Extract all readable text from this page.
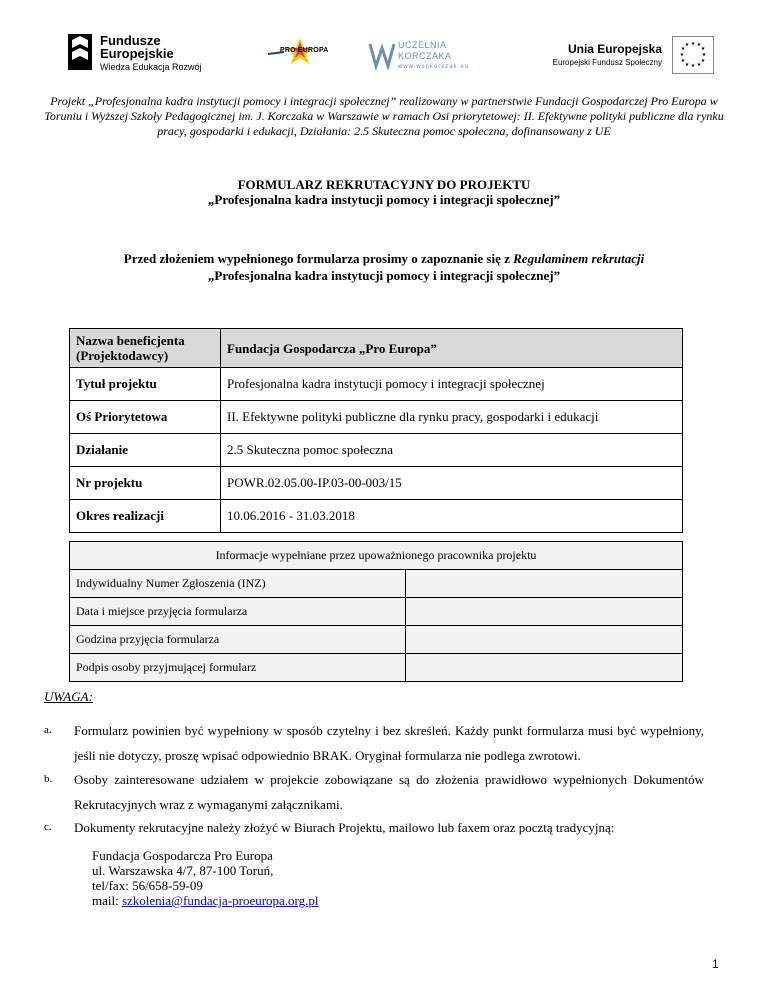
Fundusze
Europejskie
Wiedza Edukacja Rozwój
PRO EUROPA
UCZELNIA
KORCZAKA
www.wspkorczak.eu
Unia Europejska
Europejski Fundusz Społeczny
★ ★
★
★
★
★
★
★
★
★
★
★
Projekt „Profesjonalna kadra instytucji pomocy i integracji społecznej” realizowany w partnerstwie Fundacji Gospodarczej Pro Europa w Toruniu i Wyższej Szkoły Pedagogicznej im. J. Korczaka w Warszawie w ramach Osi priorytetowej: II. Efektywne polityki publiczne dla rynku pracy, gospodarki i edukacji, Działania: 2.5 Skuteczna pomoc społeczna, dofinansowany z UE
FORMULARZ REKRUTACYJNY DO PROJEKTU
„Profesjonalna kadra instytucji pomocy i integracji społecznej”
Przed złożeniem wypełnionego formularza prosimy o zapoznanie się z Regulaminem rekrutacji
„Profesjonalna kadra instytucji pomocy i integracji społecznej”
Nazwa beneficjenta (Projektodawcy)	Fundacja Gospodarcza „Pro Europa”
Tytuł projektu	Profesjonalna kadra instytucji pomocy i integracji społecznej
Oś Priorytetowa	II. Efektywne polityki publiczne dla rynku pracy, gospodarki i edukacji
Działanie	2.5 Skuteczna pomoc społeczna
Nr projektu	POWR.02.05.00-IP.03-00-003/15
Okres realizacji	10.06.2016 - 31.03.2018
Informacje wypełniane przez upoważnionego pracownika projektu	
Indywidualny Numer Zgłoszenia (INZ)	
Data i miejsce przyjęcia formularza	
Godzina przyjęcia formularza	
Podpis osoby przyjmującej formularz	
UWAGA:
a. Formularz powinien być wypełniony w sposób czytelny i bez skreśleń. Każdy punkt formularza musi być wypełniony, jeśli nie dotyczy, proszę wpisać odpowiednio BRAK. Oryginał formularza nie podlega zwrotowi.
b. Osoby zainteresowane udziałem w projekcie zobowiązane są do złożenia prawidłowo wypełnionych Dokumentów Rekrutacyjnych wraz z wymaganymi załącznikami.
c. Dokumenty rekrutacyjne należy złożyć w Biurach Projektu, mailowo lub faxem oraz pocztą tradycyjną:
Fundacja Gospodarcza Pro Europa
ul. Warszawska 4/7, 87-100 Toruń,
tel/fax: 56/658-59-09
mail: szkolenia@fundacja-proeuropa.org.pl
1
